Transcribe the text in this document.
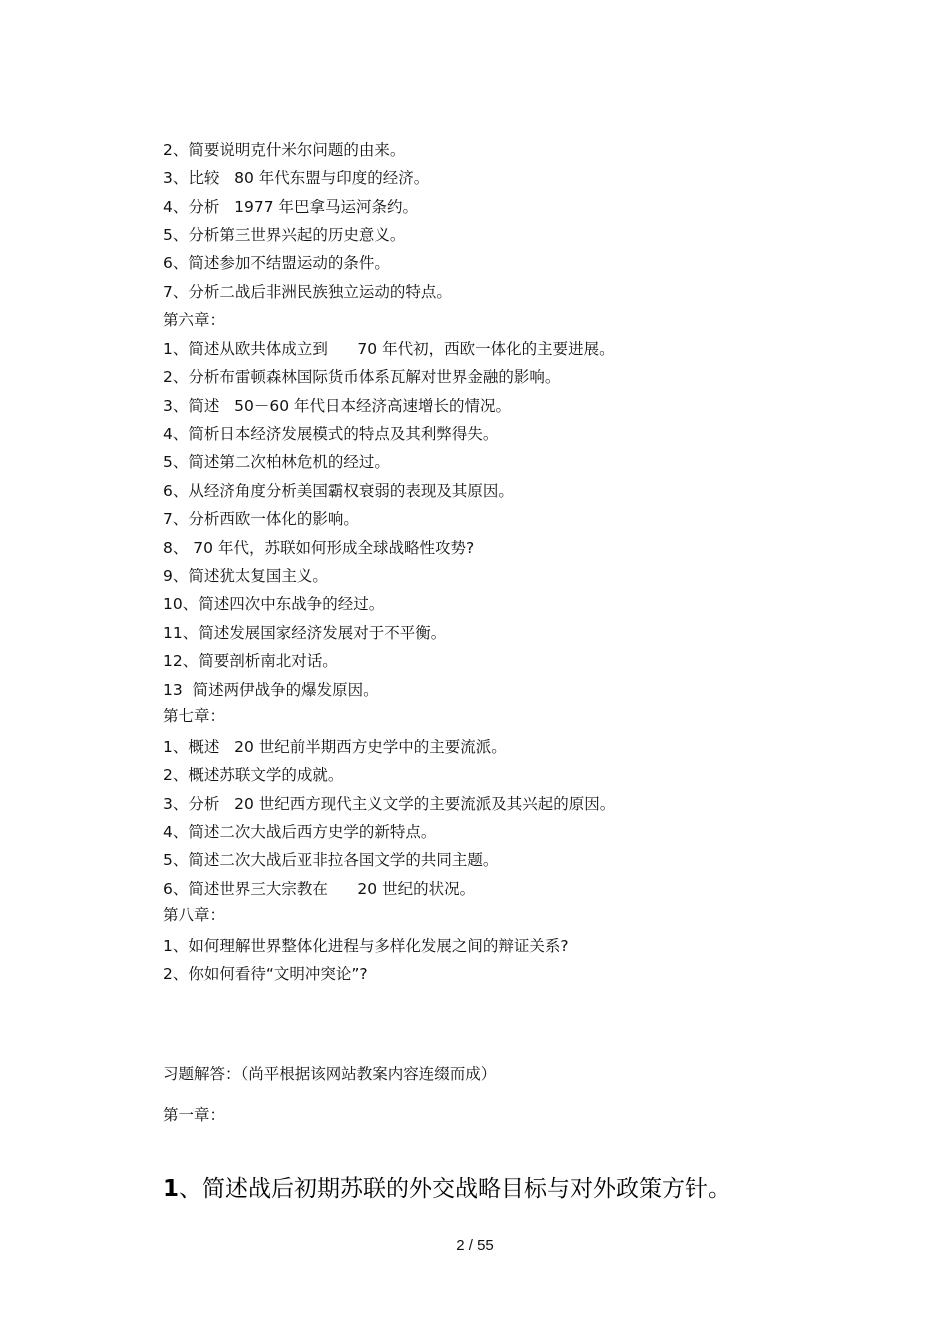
2、简要说明克什米尔问题的由来。
3、比较   80 年代东盟与印度的经济。
4、分析   1977 年巴拿马运河条约。
5、分析第三世界兴起的历史意义。
6、简述参加不结盟运动的条件。
7、分析二战后非洲民族独立运动的特点。
第六章：
1、简述从欧共体成立到      70 年代初，西欧一体化的主要进展。
2、分析布雷顿森林国际货币体系瓦解对世界金融的影响。
3、简述   50－60 年代日本经济高速增长的情况。
4、简析日本经济发展模式的特点及其利弊得失。
5、简述第二次柏林危机的经过。
6、从经济角度分析美国霸权衰弱的表现及其原因。
7、分析西欧一体化的影响。
8、 70 年代，苏联如何形成全球战略性攻势?
9、简述犹太复国主义。
10、简述四次中东战争的经过。
11、简述发展国家经济发展对于不平衡。
12、简要剖析南北对话。
13  简述两伊战争的爆发原因。
第七章：
1、概述   20 世纪前半期西方史学中的主要流派。
2、概述苏联文学的成就。
3、分析   20 世纪西方现代主义文学的主要流派及其兴起的原因。
4、简述二次大战后西方史学的新特点。
5、简述二次大战后亚非拉各国文学的共同主题。
6、简述世界三大宗教在      20 世纪的状况。
第八章：
1、如何理解世界整体化进程与多样化发展之间的辩证关系?
2、你如何看待“文明冲突论”?
习题解答：（尚平根据该网站教案内容连缀而成）
第一章：
1、简述战后初期苏联的外交战略目标与对外政策方针。
2 / 55
